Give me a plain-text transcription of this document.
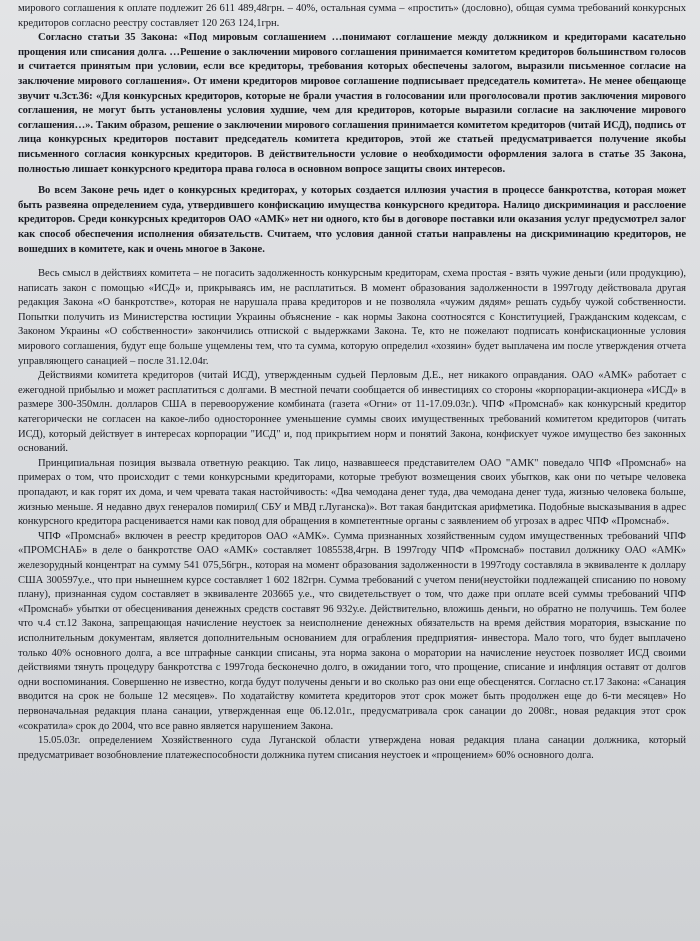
мирового соглашения к оплате подлежит 26 611 489,48грн. – 40%, остальная сумма – «простить» (дословно), общая сумма требований конкурсных кредиторов согласно реестру составляет 120 263 124,1грн.

Согласно статьи 35 Закона: «Под мировым соглашением …понимают соглашение между должником и кредиторами касательно прощения или списания долга. …Решение о заключении мирового соглашения принимается комитетом кредиторов большинством голосов и считается принятым при условии, если все кредиторы, требования которых обеспечены залогом, выразили письменное согласие на заключение мирового соглашения». От имени кредиторов мировое соглашение подписывает председатель комитета». Не менее обещающе звучит ч.3ст.36: «Для конкурсных кредиторов, которые не брали участия в голосовании или проголосовали против заключения мирового соглашения, не могут быть установлены условия худшие, чем для кредиторов, которые выразили согласие на заключение мирового соглашения…». Таким образом, решение о заключении мирового соглашения принимается комитетом кредиторов (читай ИСД), подпись от лица конкурсных кредиторов поставит председатель комитета кредиторов, этой же статьей предусматривается получение якобы письменного согласия конкурсных кредиторов. В действительности условие о необходимости оформления залога в статье 35 Закона, полностью лишает конкурсного кредитора права голоса в основном вопросе защиты своих интересов.

Во всем Законе речь идет о конкурсных кредиторах, у которых создается иллюзия участия в процессе банкротства, которая может быть развеяна определением суда, утвердившего конфискацию имущества конкурсного кредитора. Налицо дискриминация и расслоение кредиторов. Среди конкурсных кредиторов ОАО «АМК» нет ни одного, кто бы в договоре поставки или оказания услуг предусмотрел залог как способ обеспечения исполнения обязательств. Считаем, что условия данной статьи направлены на дискриминацию кредиторов, не вошедших в комитете, как и очень многое в Законе.

Весь смысл в действиях комитета – не погасить задолженность конкурсным кредиторам, схема простая - взять чужие деньги (или продукцию), написать закон с помощью «ИСД» и, прикрываясь им, не расплатиться. В момент образования задолженности в 1997году действовала другая редакция Закона «О банкротстве», которая не нарушала права кредиторов и не позволяла «чужим дядям» решать судьбу чужой собственности. Попытки получить из Министерства юстиции Украины объяснение - как нормы Закона соотносятся с Конституцией, Гражданским кодексам, с Законом Украины «О собственности» закончились отпиской с выдержками Закона. Те, кто не пожелают подписать конфискационные условия мирового соглашения, будут еще больше ущемлены тем, что та сумма, которую определил «хозяин» будет выплачена им после утверждения отчета управляющего санацией – после 31.12.04г.

Действиями комитета кредиторов (читай ИСД), утвержденным судьей Перловым Д.Е., нет никакого оправдания. ОАО «АМК» работает с ежегодной прибылью и может расплатиться с долгами. В местной печати сообщается об инвестициях со стороны «корпорации-акционера «ИСД» в размере 300-350млн. долларов США в перевооружение комбината (газета «Огни» от 11-17.09.03г.). ЧПФ «Промснаб» как конкурсный кредитор категорически не согласен на какое-либо одностороннее уменьшение суммы своих имущественных требований комитетом кредиторов (читать ИСД), который действует в интересах корпорации "ИСД" и, под прикрытием норм и понятий Закона, конфискует чужое имущество без законных оснований.

Принципиальная позиция вызвала ответную реакцию. Так лицо, назвавшееся представителем ОАО "АМК" поведало ЧПФ «Промснаб» на примерах о том, что происходит с теми конкурсными кредиторами, которые требуют возмещения своих убытков, как они по четыре человека пропадают, и как горят их дома, и чем чревата такая настойчивость: «Два чемодана денег туда, два чемодана денег туда, жизнью человека больше, жизнью меньше. Я недавно двух генералов помирил( СБУ и МВД г.Луганска)». Вот такая бандитская арифметика. Подобные высказывания в адрес конкурсного кредитора расценивается нами как повод для обращения в компетентные органы с заявлением об угрозах в адрес ЧПФ «Промснаб».

ЧПФ «Промснаб» включен в реестр кредиторов ОАО «АМК». Сумма признанных хозяйственным судом имущественных требований ЧПФ «ПРОМСНАБ» в деле о банкротстве ОАО «АМК» составляет 1085538,4грн. В 1997году ЧПФ «Промснаб» поставил должнику ОАО «АМК» железорудный концентрат на сумму 541 075,56грн., которая на момент образования задолженности в 1997году составляла в эквиваленте к доллару США 300597у.е., что при нынешнем курсе составляет 1 602 182грн. Сумма требований с учетом пени(неустойки подлежащей списанию по новому плану), признанная судом составляет в эквиваленте 203665 у.е., что свидетельствует о том, что даже при оплате всей суммы требований ЧПФ «Промснаб» убытки от обесценивания денежных средств составят 96 932у.е. Действительно, вложишь деньги, но обратно не получишь. Тем более что ч.4 ст.12 Закона, запрещающая начисление неустоек за неисполнение денежных обязательств на время действия моратория, взыскание по исполнительным документам, является дополнительным основанием для ограбления предприятия- инвестора. Мало того, что будет выплачено только 40% основного долга, а все штрафные санкции списаны, эта норма закона о моратории на начисление неустоек позволяет ИСД своими действиями тянуть процедуру банкротства с 1997года бесконечно долго, в ожидании того, что прощение, списание и инфляция оставят от долгов одни воспоминания. Совершенно не известно, когда будут получены деньги и во сколько раз они еще обесценятся. Согласно ст.17 Закона: «Санация вводится на срок не больше 12 месяцев». По ходатайству комитета кредиторов этот срок может быть продолжен еще до 6-ти месяцев» Но первоначальная редакция плана санации, утвержденная еще 06.12.01г., предусматривала срок санации до 2008г., новая редакция этот срок «сократила» срок до 2004, что все равно является нарушением Закона.

15.05.03г. определением Хозяйственного суда Луганской области утверждена новая редакция плана санации должника, который предусматривает возобновление платежеспособности должника путем списания неустоек и «прощением» 60% основного долга.
